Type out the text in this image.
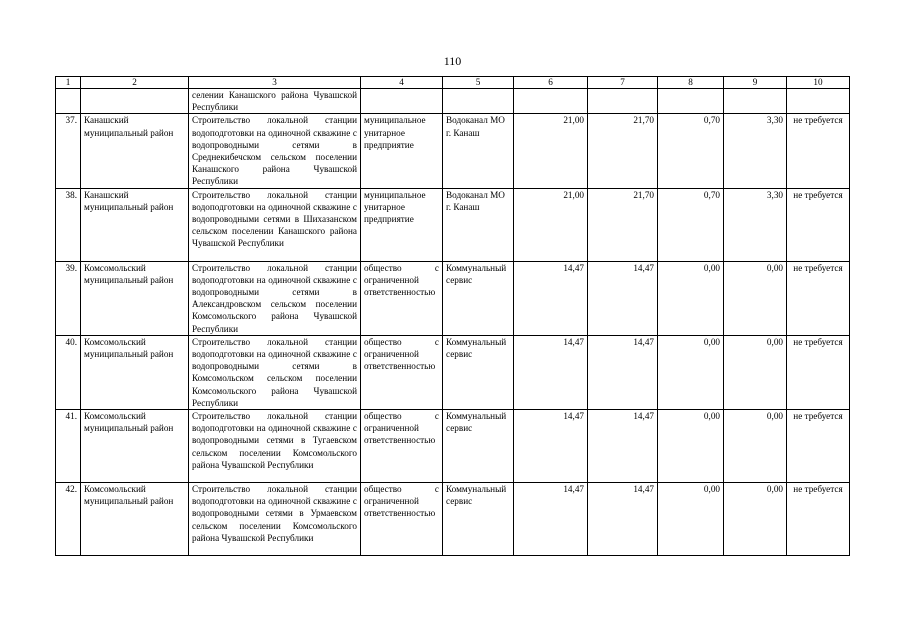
110
1	2	3	4	5	6	7	8	9	10
		селении Канашского района Чувашской Республики							
37.	Канашский муниципальный район	Строительство локальной станции водоподготовки на одиночной скважине с водопроводными сетями в Среднекибечском сельском поселении Канашского района Чувашской Республики	муниципальное унитарное предприятие	Водоканал МО г. Канаш	21,00	21,70	0,70	3,30	не требуется
38.	Канашский муниципальный район	Строительство локальной станции водоподготовки на одиночной скважине с водопроводными сетями в Шихазанском сельском поселении Канашского района Чувашской Республики	муниципальное унитарное предприятие	Водоканал МО г. Канаш	21,00	21,70	0,70	3,30	не требуется
39.	Комсомольский муниципальный район	Строительство локальной станции водоподготовки на одиночной скважине с водопроводными сетями в Александровском сельском поселении Комсомольского района Чувашской Республики	общество с ограниченной ответственностью	Коммунальный сервис	14,47	14,47	0,00	0,00	не требуется
40.	Комсомольский муниципальный район	Строительство локальной станции водоподготовки на одиночной скважине с водопроводными сетями в Комсомольском сельском поселении Комсомольского района Чувашской Республики	общество с ограниченной ответственностью	Коммунальный сервис	14,47	14,47	0,00	0,00	не требуется
41.	Комсомольский муниципальный район	Строительство локальной станции водоподготовки на одиночной скважине с водопроводными сетями в Тугаевском сельском поселении Комсомольского района Чувашской Республики	общество с ограниченной ответственностью	Коммунальный сервис	14,47	14,47	0,00	0,00	не требуется
42.	Комсомольский муниципальный район	Строительство локальной станции водоподготовки на одиночной скважине с водопроводными сетями в Урмаевском сельском поселении Комсомольского района Чувашской Республики	общество с ограниченной ответственностью	Коммунальный сервис	14,47	14,47	0,00	0,00	не требуется
